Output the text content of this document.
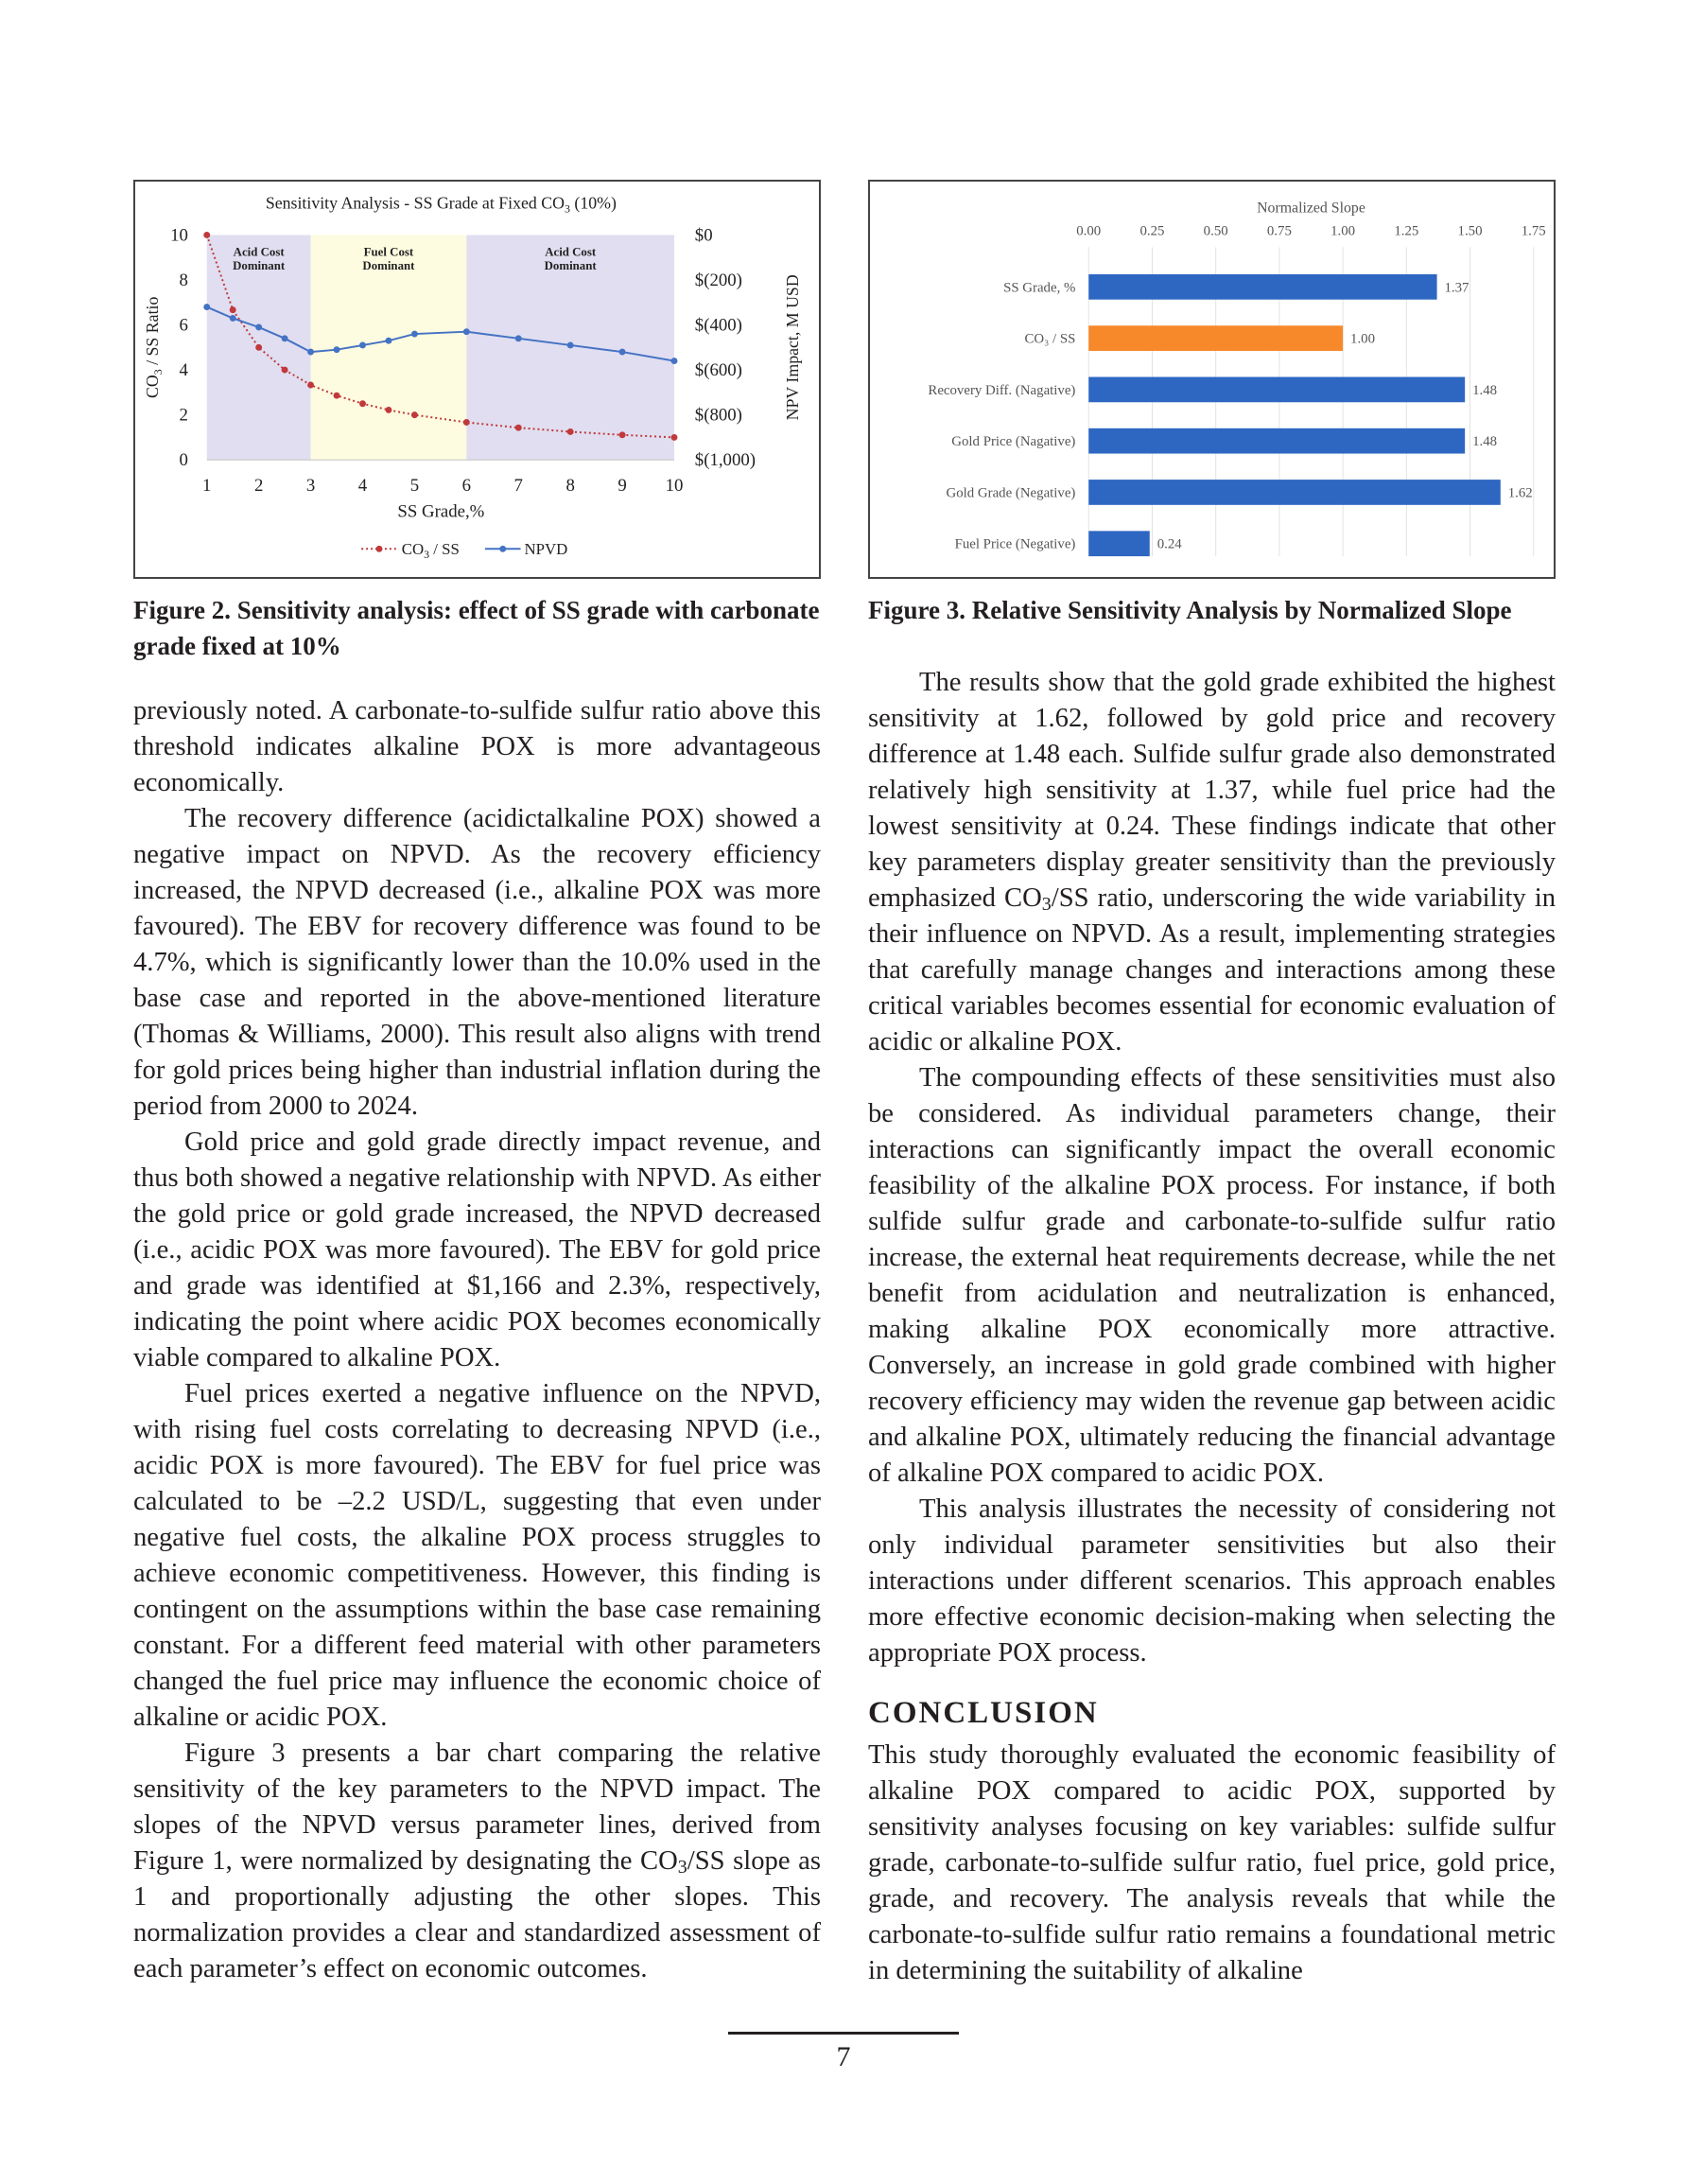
Acid Cost Dominant
Fuel Cost Dominant
Acid Cost Dominant
Sensitivity Analysis - SS Grade at Fixed $CO_3$ (10%)
1 2 3 4 5 6 7 8 9 10
SS Grade,%
0
2
4
6
8
10
$CO_3$ / SS Ratio
$0
$(200)
$(400)
$(600)
$(800)
$(1,000)
NPV Impact, M USD
$CO_3$ / SS	NPVD
Figure 2. Sensitivity analysis: effect of SS grade with carbonate grade fixed at 10%
Normalized Slope
0.00	0.25	0.50	0.75	1.00	1.25	1.50	1.75
SS Grade, %	1.37
CO₃ / SS	1.00
Recovery Diff. (Nagative)	1.48
Gold Price (Nagative)	1.48
Gold Grade (Negative)	1.62
Fuel Price (Negative)	0.24
Figure 3. Relative Sensitivity Analysis by Normalized Slope

previously noted. A carbonate-to-sulfide sulfur ratio above this threshold indicates alkaline POX is more advantageous economically.

The recovery difference (acidictalkaline POX) showed a negative impact on NPVD. As the recovery efficiency increased, the NPVD decreased (i.e., alkaline POX was more favoured). The EBV for recovery difference was found to be 4.7%, which is significantly lower than the 10.0% used in the base case and reported in the above-mentioned literature (Thomas & Williams, 2000). This result also aligns with trend for gold prices being higher than industrial inflation during the period from 2000 to 2024.

Gold price and gold grade directly impact revenue, and thus both showed a negative relationship with NPVD. As either the gold price or gold grade increased, the NPVD decreased (i.e., acidic POX was more favoured). The EBV for gold price and grade was identified at $1,166 and 2.3%, respectively, indicating the point where acidic POX becomes economically viable compared to alkaline POX.

Fuel prices exerted a negative influence on the NPVD, with rising fuel costs correlating to decreasing NPVD (i.e., acidic POX is more favoured). The EBV for fuel price was calculated to be –2.2 USD/L, suggesting that even under negative fuel costs, the alkaline POX process struggles to achieve economic competitiveness. However, this finding is contingent on the assumptions within the base case remaining constant. For a different feed material with other parameters changed the fuel price may influence the economic choice of alkaline or acidic POX.

Figure 3 presents a bar chart comparing the relative sensitivity of the key parameters to the NPVD impact. The slopes of the NPVD versus parameter lines, derived from Figure 1, were normalized by designating the $CO_3/SS$ slope as 1 and proportionally adjusting the other slopes. This normalization provides a clear and standardized assessment of each parameter’s effect on economic outcomes.

The results show that the gold grade exhibited the highest sensitivity at 1.62, followed by gold price and recovery difference at 1.48 each. Sulfide sulfur grade also demonstrated relatively high sensitivity at 1.37, while fuel price had the lowest sensitivity at 0.24. These findings indicate that other key parameters display greater sensitivity than the previously emphasized $CO_3/SS$ ratio, underscoring the wide variability in their influence on NPVD. As a result, implementing strategies that carefully manage changes and interactions among these critical variables becomes essential for economic evaluation of acidic or alkaline POX.

The compounding effects of these sensitivities must also be considered. As individual parameters change, their interactions can significantly impact the overall economic feasibility of the alkaline POX process. For instance, if both sulfide sulfur grade and carbonate-to-sulfide sulfur ratio increase, the external heat requirements decrease, while the net benefit from acidulation and neutralization is enhanced, making alkaline POX economically more attractive. Conversely, an increase in gold grade combined with higher recovery efficiency may widen the revenue gap between acidic and alkaline POX, ultimately reducing the financial advantage of alkaline POX compared to acidic POX.

This analysis illustrates the necessity of considering not only individual parameter sensitivities but also their interactions under different scenarios. This approach enables more effective economic decision-making when selecting the appropriate POX process.

CONCLUSION

This study thoroughly evaluated the economic feasibility of alkaline POX compared to acidic POX, supported by sensitivity analyses focusing on key variables: sulfide sulfur grade, carbonate-to-sulfide sulfur ratio, fuel price, gold price, grade, and recovery. The analysis reveals that while the carbonate-to-sulfide sulfur ratio remains a foundational metric in determining the suitability of alkaline

7
